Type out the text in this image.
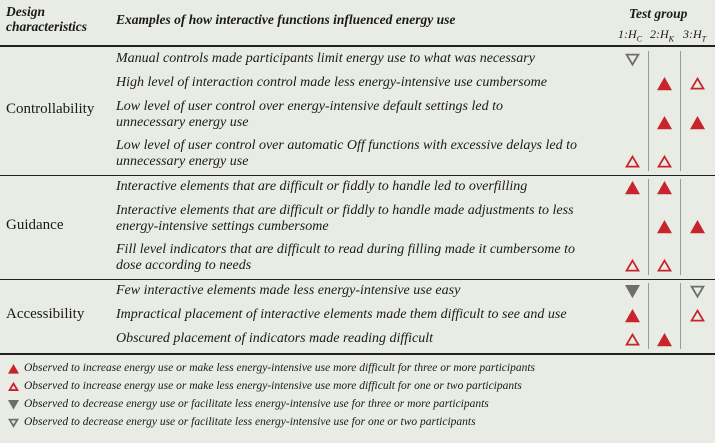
Design
characteristics Examples of how interactive functions influenced energy use	Test group
$1:H_C$ $2:H_K$ $3:H_T$
Manual controls made participants limit energy use to what was necessary
High level of interaction control made less energy-intensive use cumbersome
Low level of user control over energy-intensive default settings led to
unnecessary energy use
Low level of user control over automatic Off functions with excessive delays led to
unnecessary energy use
Controllability
Interactive elements that are difficult or fiddly to handle led to overfilling
Interactive elements that are difficult or fiddly to handle made adjustments to less
energy-intensive settings cumbersome
Fill level indicators that are difficult to read during filling made it cumbersome to
dose according to needs
Guidance
Few interactive elements made less energy-intensive use easy
Impractical placement of interactive elements made them difficult to see and use
Obscured placement of indicators made reading difficult
Accessibility
Observed to increase energy use or make less energy-intensive use more difficult for three or more participants
Observed to increase energy use or make less energy-intensive use more difficult for one or two participants
Observed to decrease energy use or facilitate less energy-intensive use for three or more participants
Observed to decrease energy use or facilitate less energy-intensive use for one or two participants
